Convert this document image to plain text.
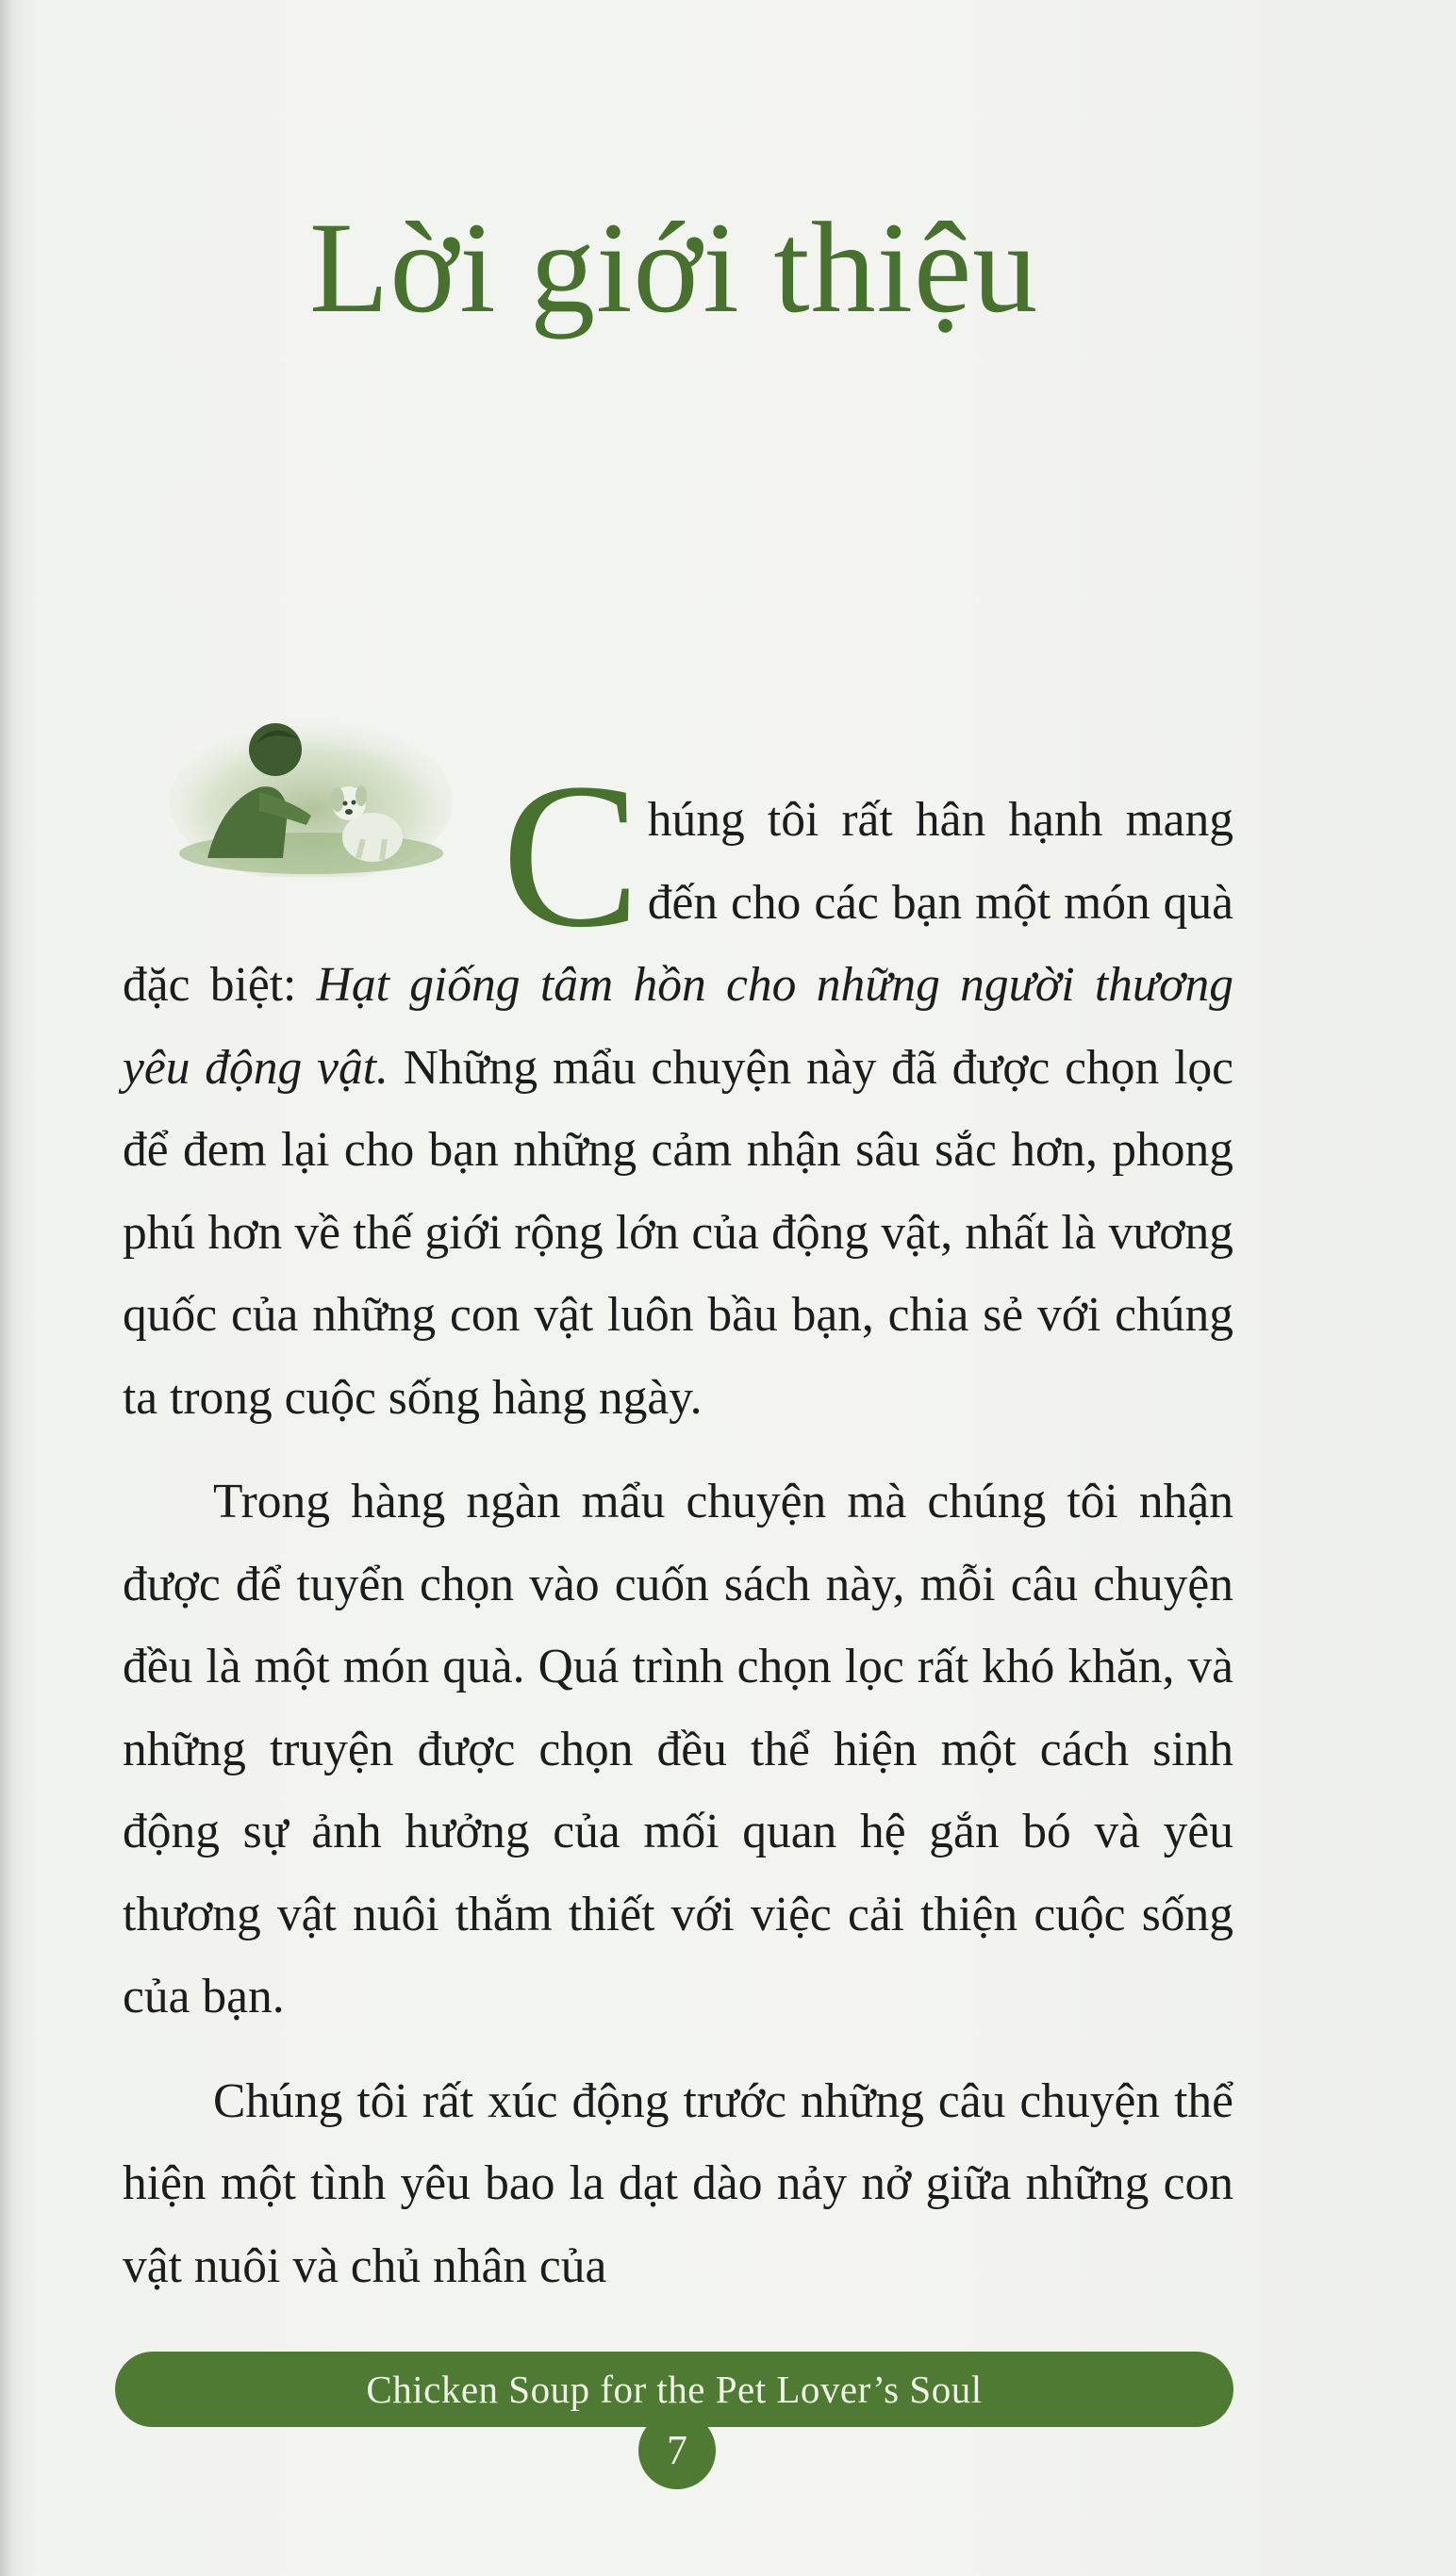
Lời giới thiệu

Chúng tôi rất hân hạnh mang đến cho các bạn một món quà đặc biệt: Hạt giống tâm hồn cho những người thương yêu động vật. Những mẩu chuyện này đã được chọn lọc để đem lại cho bạn những cảm nhận sâu sắc hơn, phong phú hơn về thế giới rộng lớn của động vật, nhất là vương quốc của những con vật luôn bầu bạn, chia sẻ với chúng ta trong cuộc sống hàng ngày.

Trong hàng ngàn mẩu chuyện mà chúng tôi nhận được để tuyển chọn vào cuốn sách này, mỗi câu chuyện đều là một món quà. Quá trình chọn lọc rất khó khăn, và những truyện được chọn đều thể hiện một cách sinh động sự ảnh hưởng của mối quan hệ gắn bó và yêu thương vật nuôi thắm thiết với việc cải thiện cuộc sống của bạn.

Chúng tôi rất xúc động trước những câu chuyện thể hiện một tình yêu bao la dạt dào nảy nở giữa những con vật nuôi và chủ nhân của

Chicken Soup for the Pet Lover’s Soul
7
